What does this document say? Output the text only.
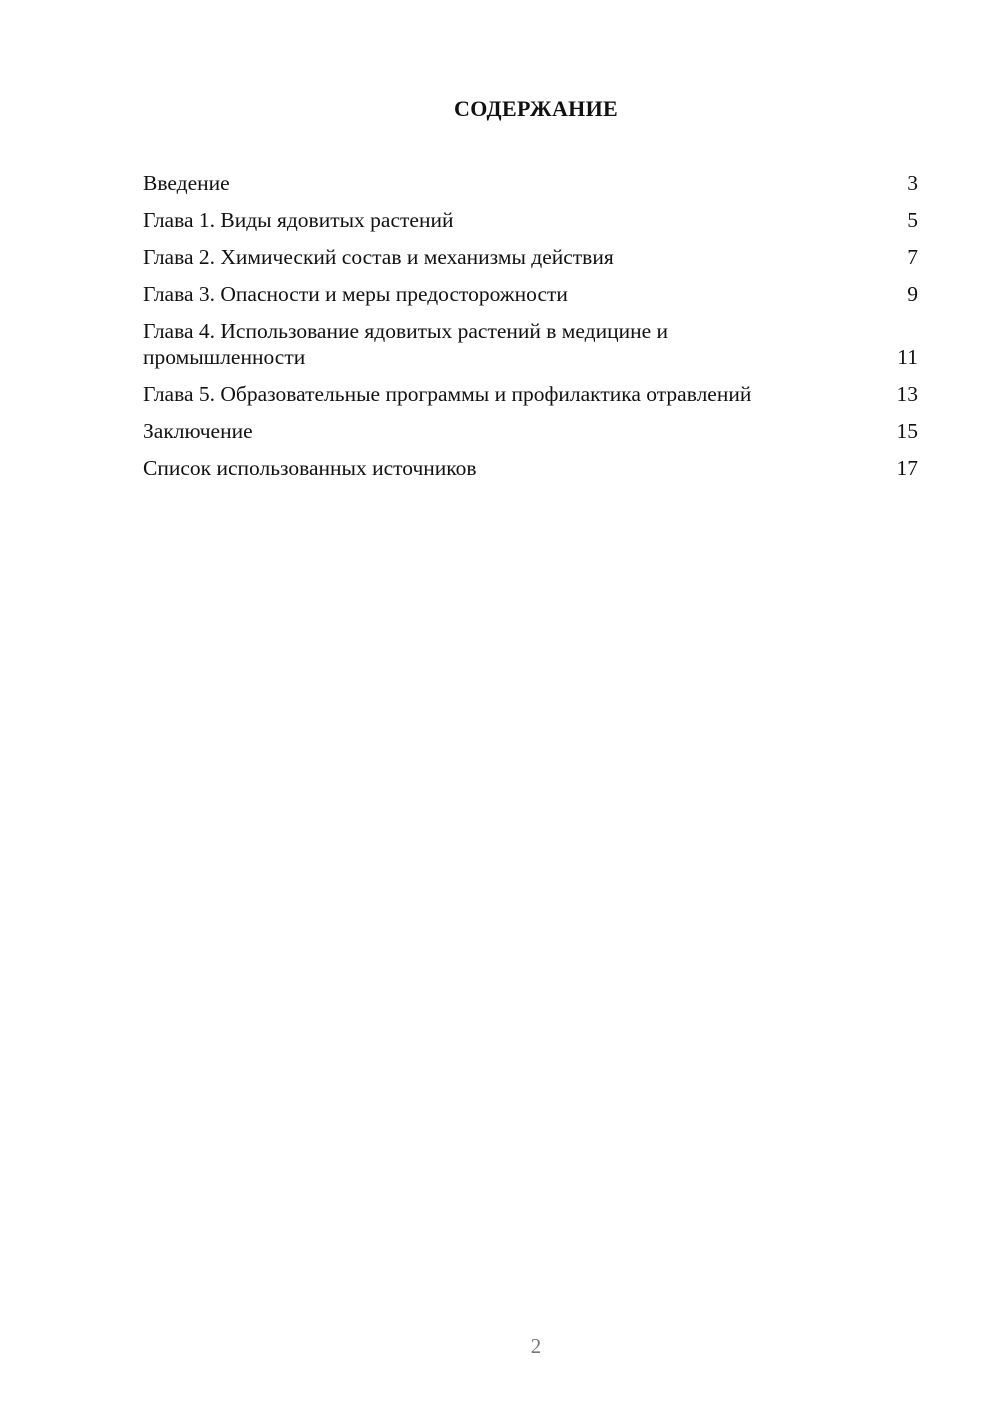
СОДЕРЖАНИЕ
Введение	3
Глава 1. Виды ядовитых растений	5
Глава 2. Химический состав и механизмы действия	7
Глава 3. Опасности и меры предосторожности	9
Глава 4. Использование ядовитых растений в медицине и промышленности	11
Глава 5. Образовательные программы и профилактика отравлений	13
Заключение	15
Список использованных источников	17
2
